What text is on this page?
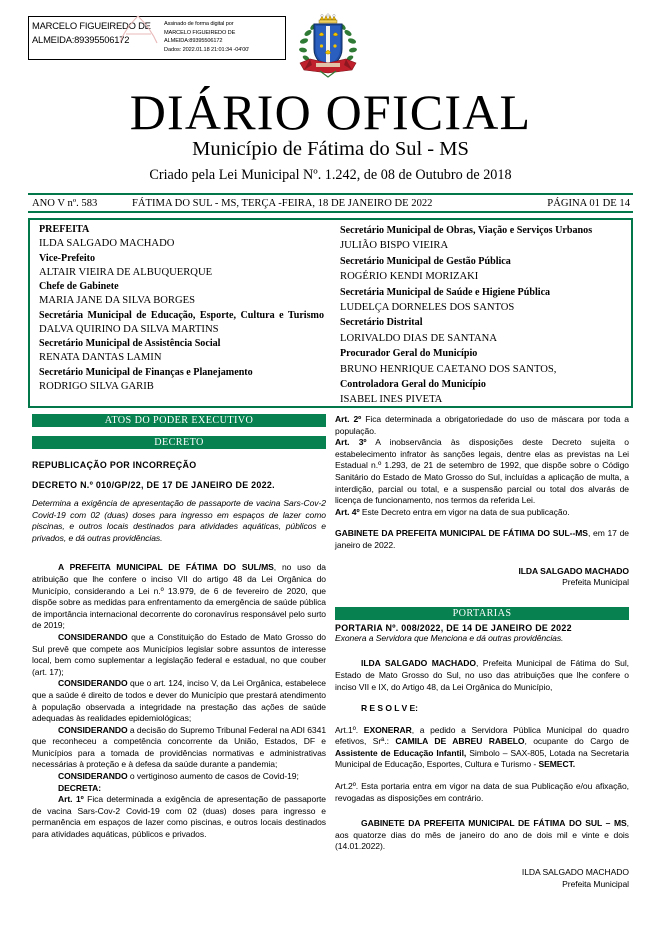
MARCELO FIGUEIREDO DE ALMEIDA:89395506172
Assinado de forma digital por
MARCELO FIGUEIREDO DE
ALMEIDA:89395506172
Dados: 2022.01.18 21:01:34 -04'00'
DIÁRIO OFICIAL
Município de Fátima do Sul - MS
Criado pela Lei Municipal Nº. 1.242, de 08 de Outubro de 2018
ANO V nº. 583	FÁTIMA DO SUL - MS, TERÇA -FEIRA, 18 DE JANEIRO DE 2022	PÁGINA 01 DE 14
PREFEITA
ILDA SALGADO MACHADO
Vice-Prefeito
ALTAIR VIEIRA DE ALBUQUERQUE
Chefe de Gabinete
MARIA JANE DA SILVA BORGES
Secretária Municipal de Educação, Esporte, Cultura e Turismo
DALVA QUIRINO DA SILVA MARTINS
Secretário Municipal de Assistência Social
RENATA DANTAS LAMIN
Secretário Municipal de Finanças e Planejamento
RODRIGO SILVA GARIB
Secretário Municipal de Obras, Viação e Serviços Urbanos
JULIÃO BISPO VIEIRA
Secretário Municipal de Gestão Pública
ROGÉRIO KENDI MORIZAKI
Secretária Municipal de Saúde e Higiene Pública
LUDELÇA DORNELES DOS SANTOS
Secretário Distrital
LORIVALDO DIAS DE SANTANA
Procurador Geral do Município
BRUNO HENRIQUE CAETANO DOS SANTOS,
Controladora Geral do Município
ISABEL INES PIVETA
ATOS DO PODER EXECUTIVO
DECRETO

REPUBLICAÇÃO POR INCORREÇÃO

DECRETO N.º 010/GP/22, DE 17 DE JANEIRO DE 2022.

Determina a exigência de apresentação de passaporte de vacina Sars-Cov-2 Covid-19 com 02 (duas) doses para ingresso em espaços de lazer como piscinas, e outros locais destinados para atividades aquáticas, públicos e privados, e dá outras providências.

A PREFEITA MUNICIPAL DE FÁTIMA DO SUL/MS, no uso da atribuição que lhe confere o inciso VII do artigo 48 da Lei Orgânica do Município, considerando a Lei n.º 13.979, de 6 de fevereiro de 2020, que dispõe sobre as medidas para enfrentamento da emergência de saúde pública de importância internacional decorrente do coronavírus responsável pelo surto de 2019;

CONSIDERANDO que a Constituição do Estado de Mato Grosso do Sul prevê que compete aos Municípios legislar sobre assuntos de interesse local, bem como suplementar a legislação federal e estadual, no que couber (art. 17);

CONSIDERANDO que o art. 124, inciso V, da Lei Orgânica, estabelece que a saúde é direito de todos e dever do Município que prestará atendimento à população observada a integridade na prestação das ações de saúde adequadas às realidades epidemiológicas;

CONSIDERANDO a decisão do Supremo Tribunal Federal na ADI 6341 que reconheceu a competência concorrente da União, Estados, DF e Municípios para a tomada de providências normativas e administrativas necessárias à proteção e à defesa da saúde durante a pandemia;

CONSIDERANDO o vertiginoso aumento de casos de Covid-19;

DECRETA:

Art. 1º Fica determinada a exigência de apresentação de passaporte de vacina Sars-Cov-2 Covid-19 com 02 (duas) doses para ingresso e permanência em espaços de lazer como piscinas, e outros locais destinados para atividades aquáticas, públicos e privados.

Art. 2º Fica determinada a obrigatoriedade do uso de máscara por toda a população.

Art. 3º A inobservância às disposições deste Decreto sujeita o estabelecimento infrator às sanções legais, dentre elas as previstas na Lei Estadual n.º 1.293, de 21 de setembro de 1992, que dispõe sobre o Código Sanitário do Estado de Mato Grosso do Sul, incluídas a aplicação de multa, a interdição, parcial ou total, e a suspensão parcial ou total dos alvarás de licença de funcionamento, nos termos da referida Lei.

Art. 4º Este Decreto entra em vigor na data de sua publicação.

GABINETE DA PREFEITA MUNICIPAL DE FÁTIMA DO SUL--MS, em 17 de janeiro de 2022.

ILDA SALGADO MACHADO

Prefeita Municipal

PORTARIAS

PORTARIA Nº. 008/2022, DE 14 DE JANEIRO DE 2022

Exonera a Servidora que Menciona e dá outras providências.

ILDA SALGADO MACHADO, Prefeita Municipal de Fátima do Sul, Estado de Mato Grosso do Sul, no uso das atribuições que lhe confere o inciso VII e IX, do Artigo 48, da Lei Orgânica do Município,

R E S O L V E:

Art.1º. EXONERAR, a pedido a Servidora Pública Municipal do quadro efetivos, Srª.: CAMILA DE ABREU RABELO, ocupante do Cargo de Assistente de Educação Infantil, Simbolo – SAX-805, Lotada na Secretaria Municipal de Educação, Esportes, Cultura e Turismo - SEMECT.

Art.2º. Esta portaria entra em vigor na data de sua Publicação e/ou afixação, revogadas as disposições em contrário.

GABINETE DA PREFEITA MUNICIPAL DE FÁTIMA DO SUL – MS, aos quatorze dias do mês de janeiro do ano de dois mil e vinte e dois (14.01.2022).

ILDA SALGADO MACHADO

Prefeita Municipal
